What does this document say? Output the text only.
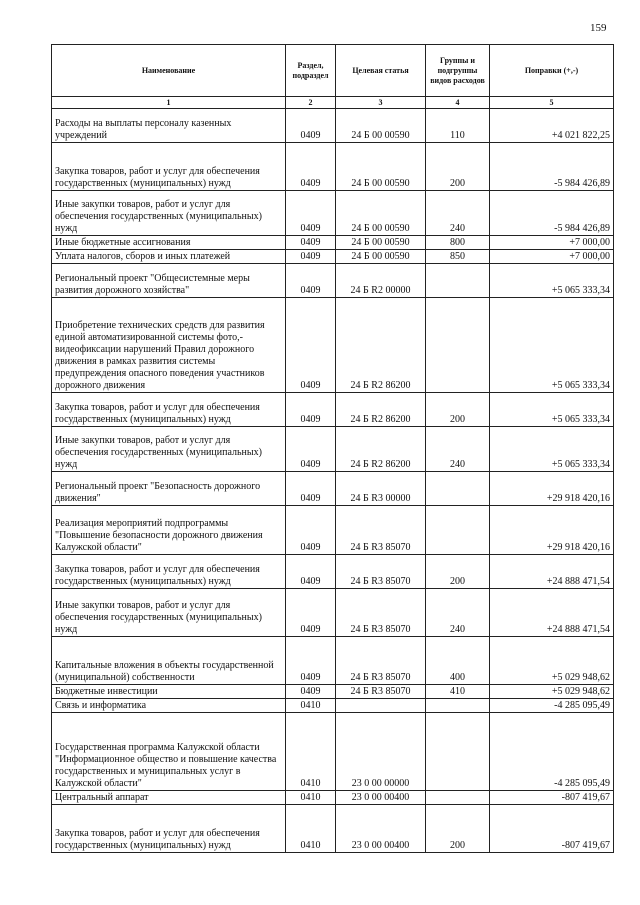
159
Наименование	Раздел, подраздел	Целевая статья	Группы и подгруппы видов расходов	Поправки (+,-)
1	2	3	4	5
Расходы на выплаты персоналу казенных учреждений	0409	24 Б 00 00590	110	+4 021 822,25
Закупка товаров, работ и услуг для обеспечения государственных (муниципальных) нужд	0409	24 Б 00 00590	200	-5 984 426,89
Иные закупки товаров, работ и услуг для обеспечения государственных (муниципальных) нужд	0409	24 Б 00 00590	240	-5 984 426,89
Иные бюджетные ассигнования	0409	24 Б 00 00590	800	+7 000,00
Уплата налогов, сборов и иных платежей	0409	24 Б 00 00590	850	+7 000,00
Региональный проект "Общесистемные меры развития дорожного хозяйства"	0409	24 Б R2 00000		+5 065 333,34
Приобретение технических средств для развития единой автоматизированной системы фото,-видеофиксации нарушений Правил дорожного движения в рамках развития системы предупреждения опасного поведения участников дорожного движения	0409	24 Б R2 86200		+5 065 333,34
Закупка товаров, работ и услуг для обеспечения государственных (муниципальных) нужд	0409	24 Б R2 86200	200	+5 065 333,34
Иные закупки товаров, работ и услуг для обеспечения государственных (муниципальных) нужд	0409	24 Б R2 86200	240	+5 065 333,34
Региональный проект "Безопасность дорожного движения"	0409	24 Б R3 00000		+29 918 420,16
Реализация мероприятий подпрограммы "Повышение безопасности дорожного движения Калужской области"	0409	24 Б R3 85070		+29 918 420,16
Закупка товаров, работ и услуг для обеспечения государственных (муниципальных) нужд	0409	24 Б R3 85070	200	+24 888 471,54
Иные закупки товаров, работ и услуг для обеспечения государственных (муниципальных) нужд	0409	24 Б R3 85070	240	+24 888 471,54
Капитальные вложения в объекты государственной (муниципальной) собственности	0409	24 Б R3 85070	400	+5 029 948,62
Бюджетные инвестиции	0409	24 Б R3 85070	410	+5 029 948,62
Связь и информатика	0410			-4 285 095,49
Государственная программа Калужской области "Информационное общество и повышение качества государственных и муниципальных услуг в Калужской области"	0410	23 0 00 00000		-4 285 095,49
Центральный аппарат	0410	23 0 00 00400		-807 419,67
Закупка товаров, работ и услуг для обеспечения государственных (муниципальных) нужд	0410	23 0 00 00400	200	-807 419,67
